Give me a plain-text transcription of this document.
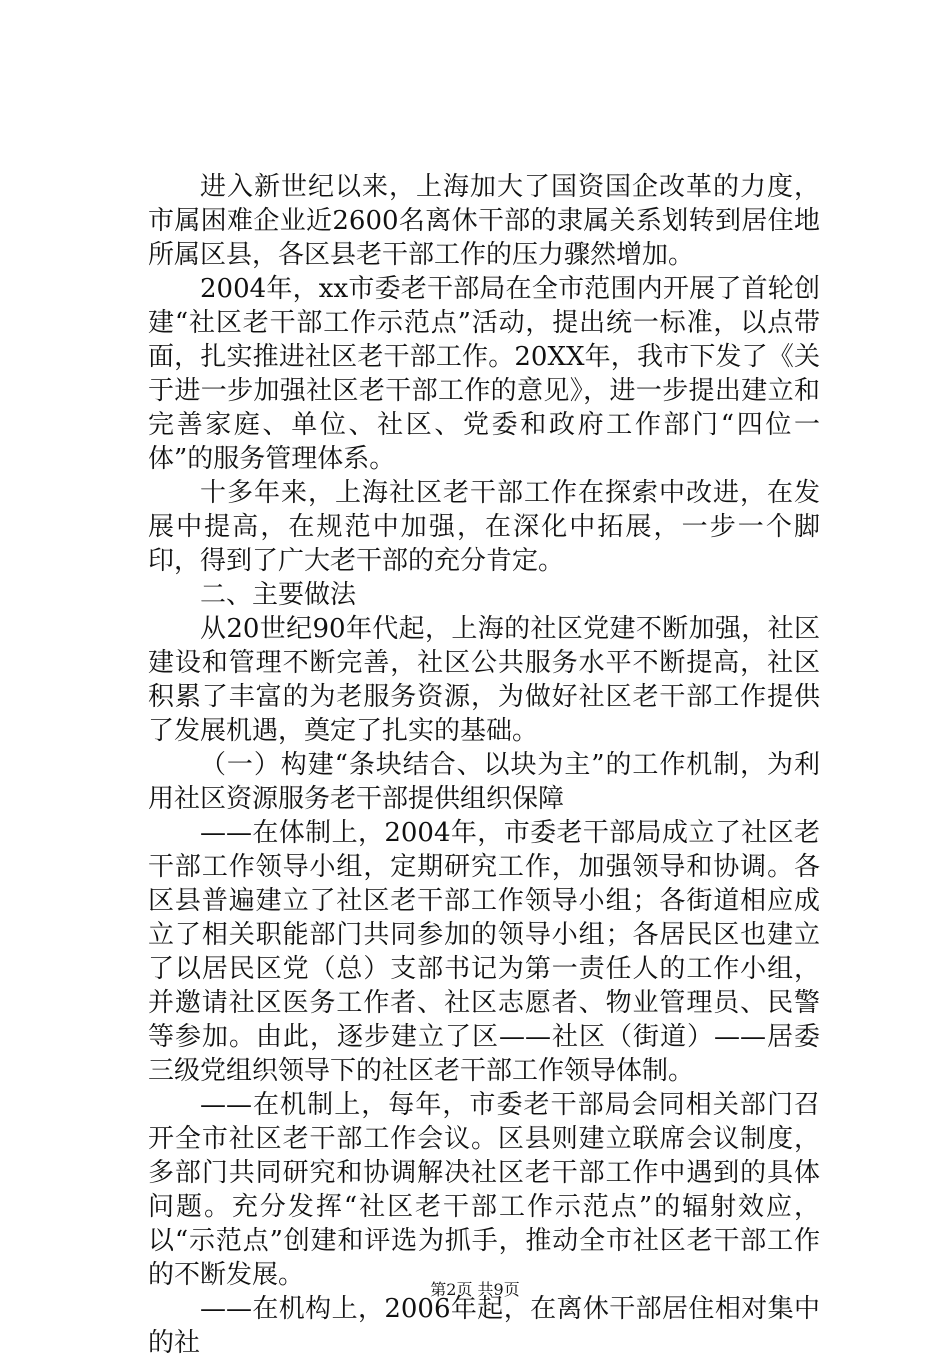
进入新世纪以来，上海加大了国资国企改革的力度，市属困难企业近2600名离休干部的隶属关系划转到居住地所属区县，各区县老干部工作的压力骤然增加。

2004年，xx市委老干部局在全市范围内开展了首轮创建“社区老干部工作示范点”活动，提出统一标准，以点带面，扎实推进社区老干部工作。20XX年，我市下发了《关于进一步加强社区老干部工作的意见》，进一步提出建立和完善家庭、单位、社区、党委和政府工作部门“四位一体”的服务管理体系。

十多年来，上海社区老干部工作在探索中改进，在发展中提高，在规范中加强，在深化中拓展，一步一个脚印，得到了广大老干部的充分肯定。

二、主要做法

从20世纪90年代起，上海的社区党建不断加强，社区建设和管理不断完善，社区公共服务水平不断提高，社区积累了丰富的为老服务资源，为做好社区老干部工作提供了发展机遇，奠定了扎实的基础。

（一）构建“条块结合、以块为主”的工作机制，为利用社区资源服务老干部提供组织保障

——在体制上，2004年，市委老干部局成立了社区老干部工作领导小组，定期研究工作，加强领导和协调。各区县普遍建立了社区老干部工作领导小组；各街道相应成立了相关职能部门共同参加的领导小组；各居民区也建立了以居民区党（总）支部书记为第一责任人的工作小组，并邀请社区医务工作者、社区志愿者、物业管理员、民警等参加。由此，逐步建立了区——社区（街道）——居委三级党组织领导下的社区老干部工作领导体制。

——在机制上，每年，市委老干部局会同相关部门召开全市社区老干部工作会议。区县则建立联席会议制度，多部门共同研究和协调解决社区老干部工作中遇到的具体问题。充分发挥“社区老干部工作示范点”的辐射效应，以“示范点”创建和评选为抓手，推动全市社区老干部工作的不断发展。

——在机构上，2006年起，在离休干部居住相对集中的社

第2页 共9页
